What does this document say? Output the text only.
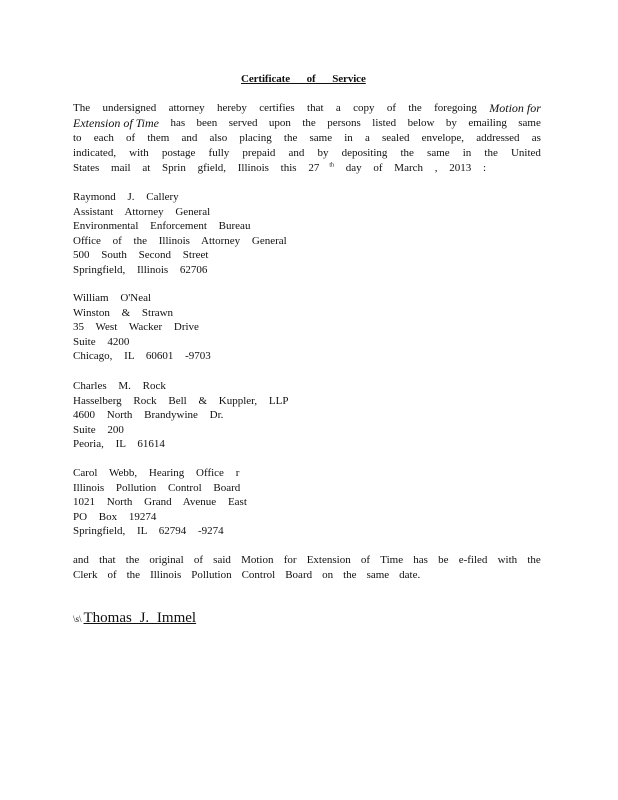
Certificate of Service
The undersigned attorney hereby certifies that a copy of the foregoing Motion for
Extension of Time has been served upon the persons listed below by emailing same
to each of them and also placing the same in a sealed envelope, addressed as
indicated, with postage fully prepaid and by depositing the same in the United
States mail at Sprin gfield, Illinois this 27 $^{th}$ day of March , 2013 :
Raymond J. Callery
Assistant Attorney General
Environmental Enforcement Bureau
Office of the Illinois Attorney General
500 South Second Street
Springfield, Illinois 62706
William O'Neal
Winston & Strawn
35 West Wacker Drive
Suite 4200
Chicago, IL 60601 -9703
Charles M. Rock
Hasselberg Rock Bell & Kuppler, LLP
4600 North Brandywine Dr.
Suite 200
Peoria, IL 61614
Carol Webb, Hearing Office r
Illinois Pollution Control Board
1021 North Grand Avenue East
PO Box 19274
Springfield, IL 62794 -9274
and that the original of said Motion for Extension of Time has be e-filed with the
Clerk of the Illinois Pollution Control Board on the same date.
\s\ Thomas J. Immel
